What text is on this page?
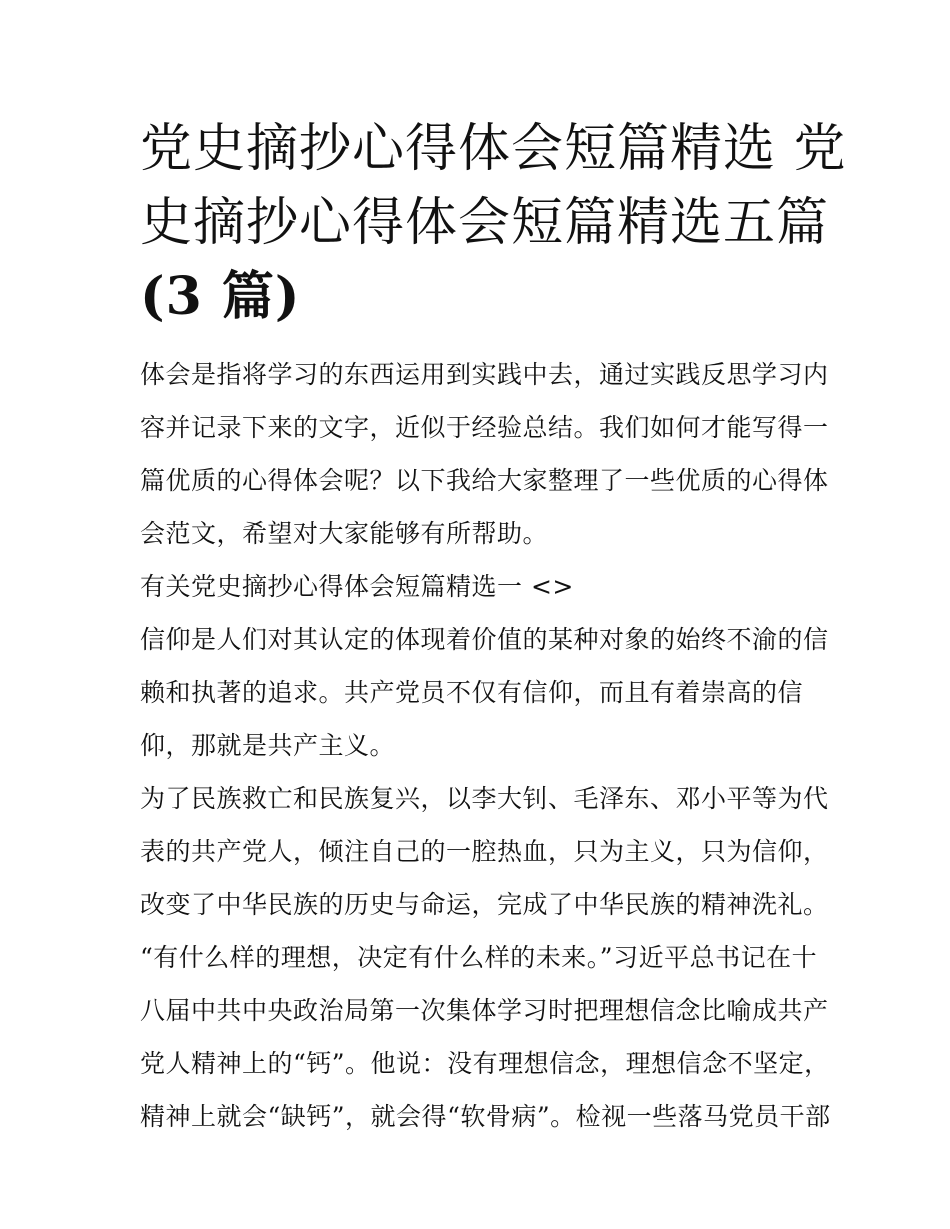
党史摘抄心得体会短篇精选 党
史摘抄心得体会短篇精选五篇
(3 篇)

体会是指将学习的东西运用到实践中去，通过实践反思学习内
容并记录下来的文字，近似于经验总结。我们如何才能写得一
篇优质的心得体会呢？以下我给大家整理了一些优质的心得体
会范文，希望对大家能够有所帮助。

有关党史摘抄心得体会短篇精选一 <>

信仰是人们对其认定的体现着价值的某种对象的始终不渝的信
赖和执著的追求。共产党员不仅有信仰，而且有着崇高的信
仰，那就是共产主义。

为了民族救亡和民族复兴，以李大钊、毛泽东、邓小平等为代
表的共产党人，倾注自己的一腔热血，只为主义，只为信仰，
改变了中华民族的历史与命运，完成了中华民族的精神洗礼。
“有什么样的理想，决定有什么样的未来。”习近平总书记在十
八届中共中央政治局第一次集体学习时把理想信念比喻成共产
党人精神上的“钙”。他说：没有理想信念，理想信念不坚定，
精神上就会“缺钙”，就会得“软骨病”。检视一些落马党员干部
